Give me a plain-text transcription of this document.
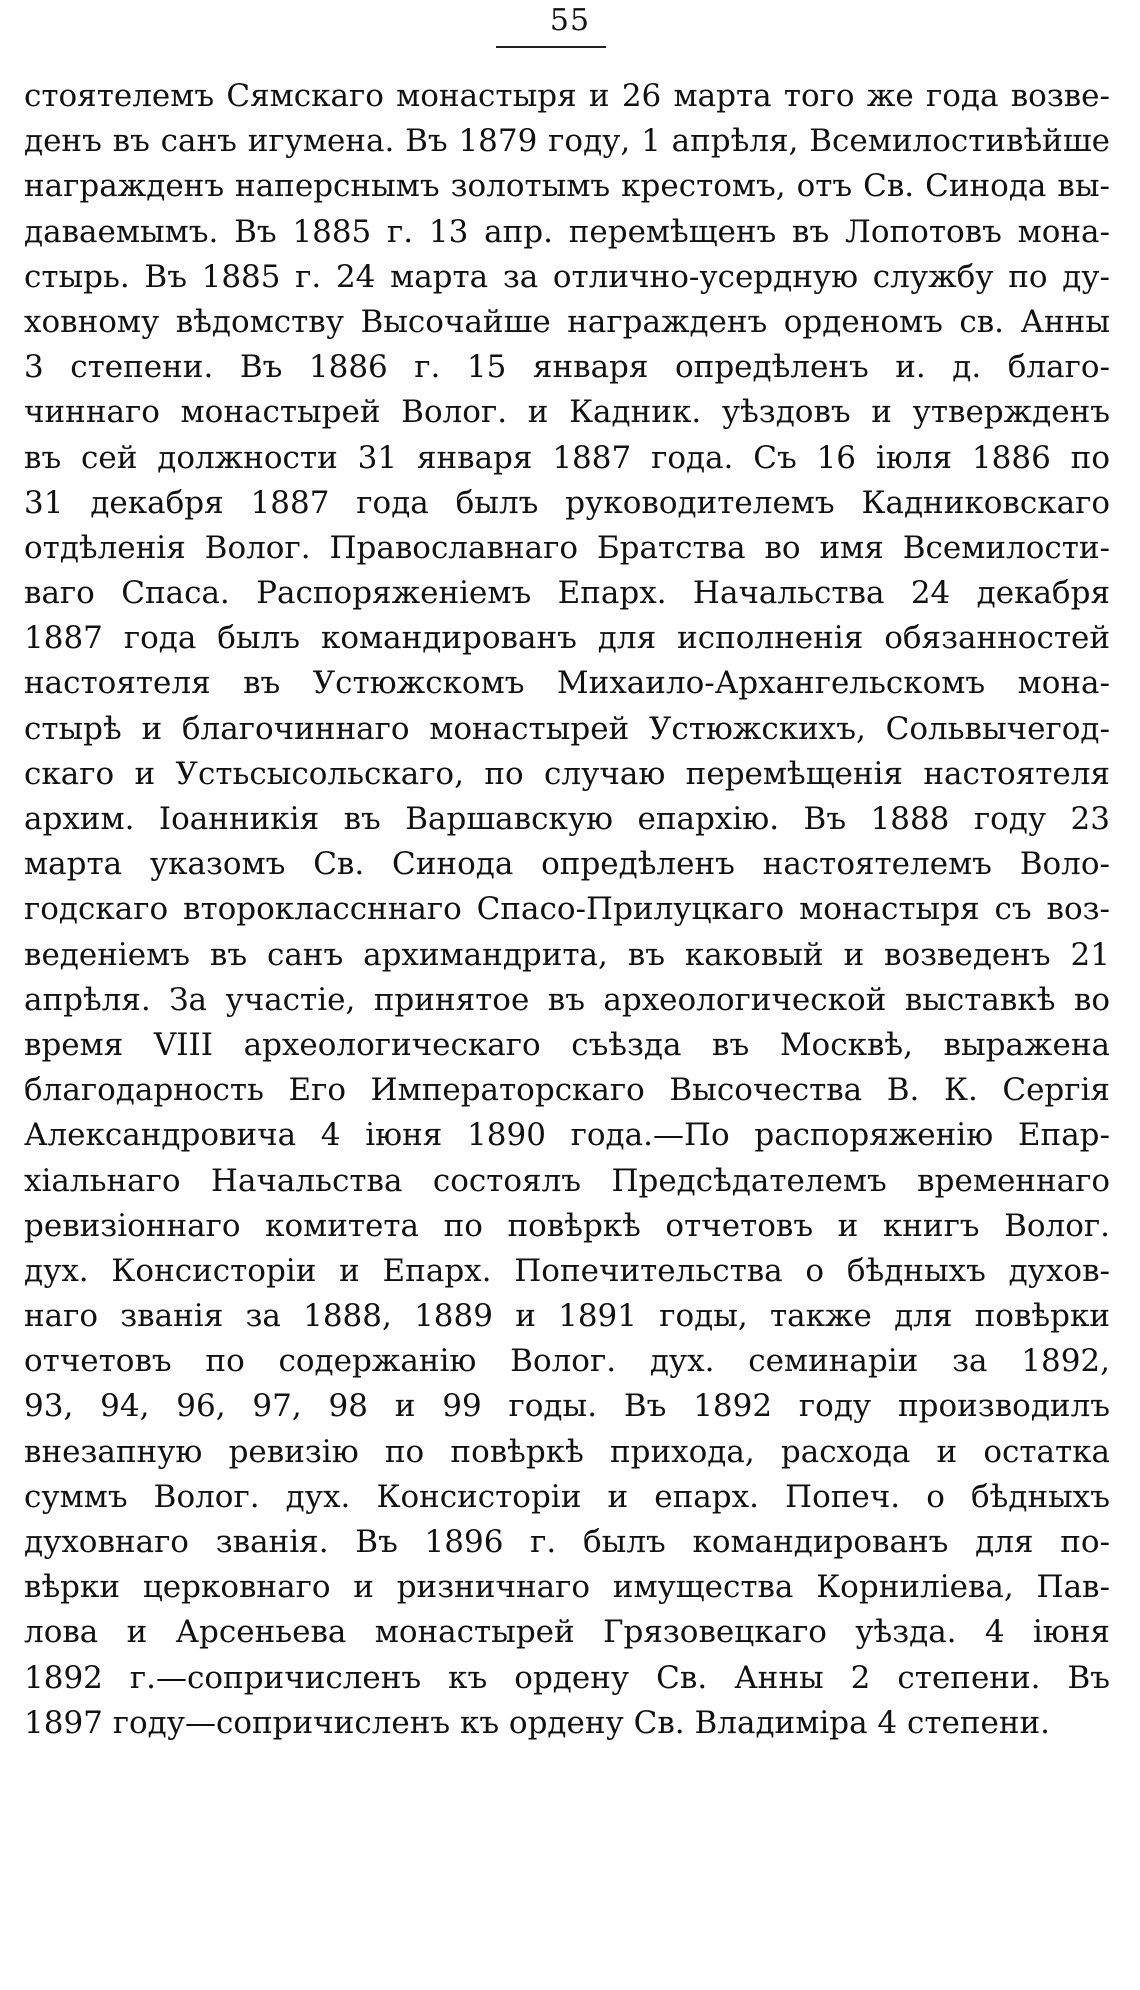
55
стоятелемъ Сямскаго монастыря и 26 марта того же года возве-
денъ въ санъ игумена. Въ 1879 году, 1 апрѣля, Всемилостивѣйше
награжденъ наперснымъ золотымъ крестомъ, отъ Св. Синода вы-
даваемымъ. Въ 1885 г. 13 апр. перемѣщенъ въ Лопотовъ мона-
стырь. Въ 1885 г. 24 марта за отлично-усердную службу по ду-
ховному вѣдомству Высочайше награжденъ орденомъ св. Анны
3 степени. Въ 1886 г. 15 января опредѣленъ и. д. благо-
чиннаго монастырей Волог. и Кадник. уѣздовъ и утвержденъ
въ сей должности 31 января 1887 года. Съ 16 іюля 1886 по
31 декабря 1887 года былъ руководителемъ Кадниковскаго
отдѣленія Волог. Православнаго Братства во имя Всемилости-
ваго Спаса. Распоряженіемъ Епарх. Начальства 24 декабря
1887 года былъ командированъ для исполненія обязанностей
настоятеля въ Устюжскомъ Михаило-Архангельскомъ мона-
стырѣ и благочиннаго монастырей Устюжскихъ, Сольвычегод-
скаго и Устьсысольскаго, по случаю перемѣщенія настоятеля
архим. Іоанникія въ Варшавскую епархію. Въ 1888 году 23
марта указомъ Св. Синода опредѣленъ настоятелемъ Воло-
годскаго второклассннаго Спасо-Прилуцкаго монастыря съ воз-
веденіемъ въ санъ архимандрита, въ каковый и возведенъ 21
апрѣля. За участіе, принятое въ археологической выставкѣ во
время VIII археологическаго съѣзда въ Москвѣ, выражена
благодарность Его Императорскаго Высочества В. К. Сергія
Александровича 4 іюня 1890 года.—По распоряженію Епар-
хіальнаго Начальства состоялъ Предсѣдателемъ временнаго
ревизіоннаго комитета по повѣркѣ отчетовъ и книгъ Волог.
дух. Консисторіи и Епарх. Попечительства о бѣдныхъ духов-
наго званія за 1888, 1889 и 1891 годы, также для повѣрки
отчетовъ по содержанію Волог. дух. семинаріи за 1892,
93, 94, 96, 97, 98 и 99 годы. Въ 1892 году производилъ
внезапную ревизію по повѣркѣ прихода, расхода и остатка
суммъ Волог. дух. Консисторіи и епарх. Попеч. о бѣдныхъ
духовнаго званія. Въ 1896 г. былъ командированъ для по-
вѣрки церковнаго и ризничнаго имущества Корниліева, Пав-
лова и Арсеньева монастырей Грязовецкаго уѣзда. 4 іюня
1892 г.—сопричисленъ къ ордену Св. Анны 2 степени. Въ
1897 году—сопричисленъ къ ордену Св. Владиміра 4 степени.
